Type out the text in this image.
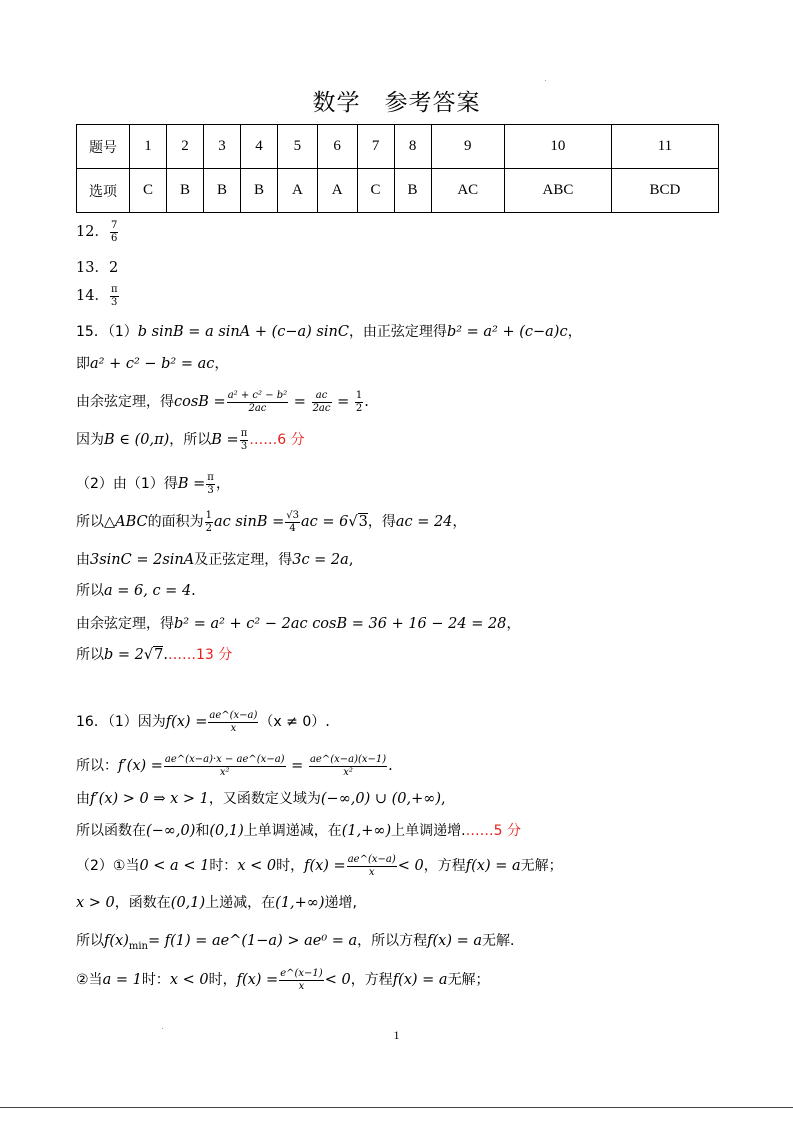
数学 参考答案
题号	1	2	3	4	5	6	7	8	9	10	11
选项	C	B	B	B	A	A	C	B	AC	ABC	BCD
12． $\frac{7}{6}$
13．2
14． $\frac{\pi}{3}$
15．（1）b sinB = a sinA + (c−a) sinC，由正弦定理得b² = a² + (c−a)c，
即a² + c² − b² = ac，
由余弦定理，得$\cos B = \frac{\text{a² + c² − b²}}{2ac} = \frac{ac}{2ac} = \frac{1}{2}$ .
因为B ∈ (0,π)，所以$B = \frac{\pi}{3}$ ……6 分
（2）由（1）得$B = \frac{\pi}{3}$ ，
所以△ABC的面积为 $\frac{1}{2}$ ac $\sin B = \frac{√3}{4}$ ac = 6√3，得ac = 24，
由3sinC = 2sinA及正弦定理，得3c = 2a,
所以a = 6, c = 4.
由余弦定理，得b² = a² + c² − 2ac cosB = 36 + 16 − 24 = 28，
所以b = 2√7.……13 分
16．（1）因为$f(x) = \frac{ae\^{}(x-a)}{x} (x \ne 0)$.
所以：$f'(x) = \frac{ae\^{}(x-a)\cdot x - ae\^{}(x-a)}{\text{x²}} = \frac{ae\^{}(x-a)(x-1)}{\text{x²}}$ .
由f′(x) > 0 ⇒ x > 1，又函数定义域为(−∞,0) ∪ (0,+∞),
所以函数在(−∞,0)和(0,1)上单调递减，在(1,+∞)上单调递增.……5 分
（2）①当0 < a < 1时：x < 0时，$f(x) = \frac{ae\^{}(x-a)}{x} < 0$，方程f(x) = a无解；
x > 0，函数在(0,1)上递减，在(1,+∞)递增,
所以$f(x)_{min}= f(1)$ = ae^(1−a) > ae⁰ = a，所以方程f(x) = a无解.
②当a = 1时：x < 0时，$f(x) = \frac{e\^{}(x-1)}{x} < 0$，方程f(x) = a无解；
1
